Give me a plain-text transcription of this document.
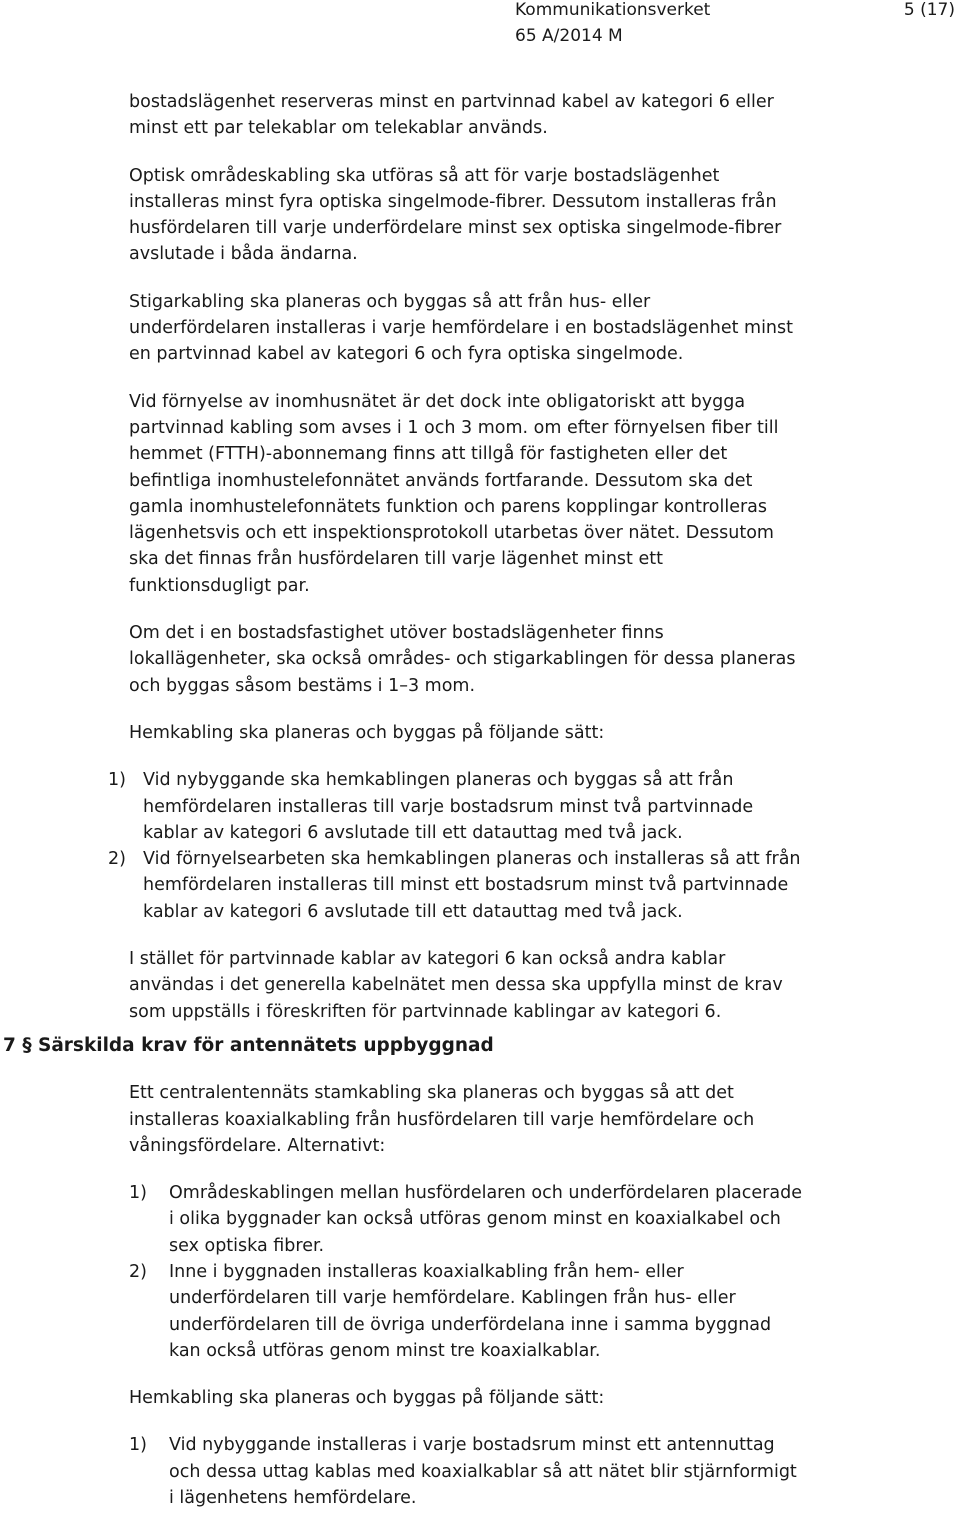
Kommunikationsverket	5 (17)
65 A/2014 M

bostadslägenhet reserveras minst en partvinnad kabel av kategori 6 eller
minst ett par telekablar om telekablar används.

Optisk områdeskabling ska utföras så att för varje bostadslägenhet
installeras minst fyra optiska singelmode-fibrer. Dessutom installeras från
husfördelaren till varje underfördelare minst sex optiska singelmode-fibrer
avslutade i båda ändarna.

Stigarkabling ska planeras och byggas så att från hus- eller
underfördelaren installeras i varje hemfördelare i en bostadslägenhet minst
en partvinnad kabel av kategori 6 och fyra optiska singelmode.

Vid förnyelse av inomhusnätet är det dock inte obligatoriskt att bygga
partvinnad kabling som avses i 1 och 3 mom. om efter förnyelsen fiber till
hemmet (FTTH)-abonnemang finns att tillgå för fastigheten eller det
befintliga inomhustelefonnätet används fortfarande. Dessutom ska det
gamla inomhustelefonnätets funktion och parens kopplingar kontrolleras
lägenhetsvis och ett inspektionsprotokoll utarbetas över nätet. Dessutom
ska det finnas från husfördelaren till varje lägenhet minst ett
funktionsdugligt par.

Om det i en bostadsfastighet utöver bostadslägenheter finns
lokallägenheter, ska också områdes- och stigarkablingen för dessa planeras
och byggas såsom bestäms i 1–3 mom.

Hemkabling ska planeras och byggas på följande sätt:

1) Vid nybyggande ska hemkablingen planeras och byggas så att från
hemfördelaren installeras till varje bostadsrum minst två partvinnade
kablar av kategori 6 avslutade till ett datauttag med två jack.
2) Vid förnyelsearbeten ska hemkablingen planeras och installeras så att från
hemfördelaren installeras till minst ett bostadsrum minst två partvinnade
kablar av kategori 6 avslutade till ett datauttag med två jack.

I stället för partvinnade kablar av kategori 6 kan också andra kablar
användas i det generella kabelnätet men dessa ska uppfylla minst de krav
som uppställs i föreskriften för partvinnade kablingar av kategori 6.

7 § Särskilda krav för antennätets uppbyggnad

Ett centralentennäts stamkabling ska planeras och byggas så att det
installeras koaxialkabling från husfördelaren till varje hemfördelare och
våningsfördelare. Alternativt:

1) Områdeskablingen mellan husfördelaren och underfördelaren placerade
i olika byggnader kan också utföras genom minst en koaxialkabel och
sex optiska fibrer.
2) Inne i byggnaden installeras koaxialkabling från hem- eller
underfördelaren till varje hemfördelare. Kablingen från hus- eller
underfördelaren till de övriga underfördelana inne i samma byggnad
kan också utföras genom minst tre koaxialkablar.

Hemkabling ska planeras och byggas på följande sätt:

1) Vid nybyggande installeras i varje bostadsrum minst ett antennuttag
och dessa uttag kablas med koaxialkablar så att nätet blir stjärnformigt
i lägenhetens hemfördelare.
